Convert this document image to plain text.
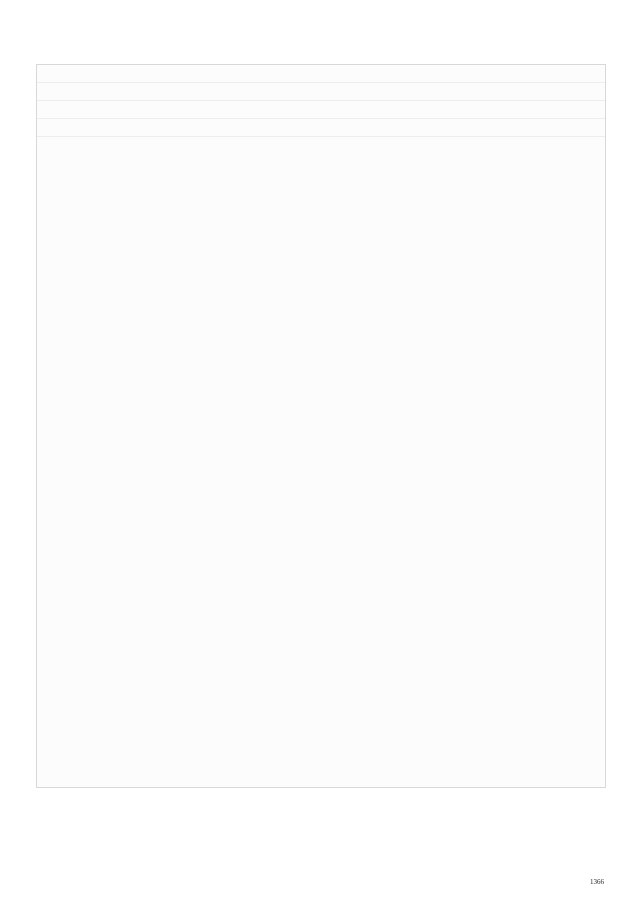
1366
